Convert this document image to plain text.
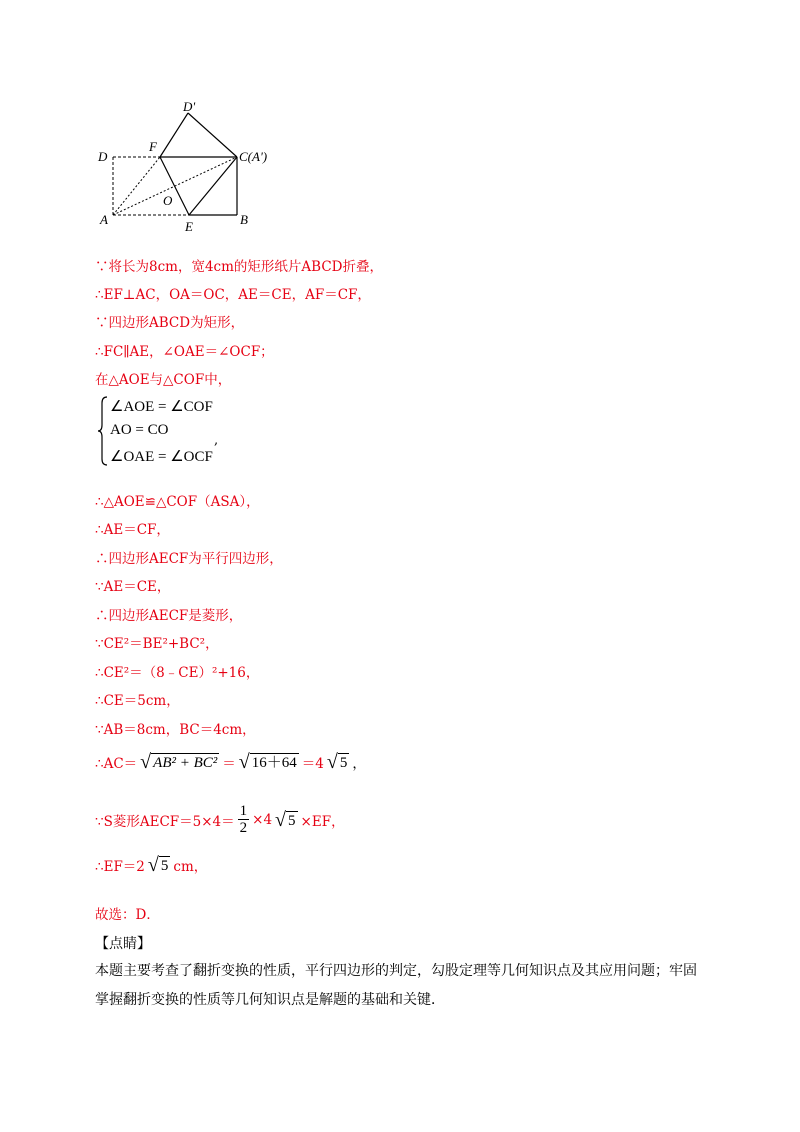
D'
D
F
C(A')
A
O
E	B
∵将长为8cm，宽4cm的矩形纸片ABCD折叠，
∴EF⊥AC，OA＝OC，AE＝CE，AF＝CF，
∵四边形ABCD为矩形，
∴FC∥AE，∠OAE＝∠OCF；
在△AOE与△COF中，
∠AOE = ∠COF
AO = CO
∠OAE = ∠OCF
,
∴△AOE≌△COF（ASA），
∴AE＝CF，
∴四边形AECF为平行四边形，
∵AE＝CE，
∴四边形AECF是菱形，
∵CE²＝BE²+BC²，
∴CE²＝（8﹣CE）²+16，
∴CE＝5cm，
∵AB＝8cm，BC＝4cm，
∴AC＝ √ AB² + BC² ＝ √ 16＋64 ＝4 √ 5 ，
∵S菱形AECF＝5×4＝ $\frac{1}{2} \times 4$ √ 5 ×EF，
∴EF＝2 √ 5 cm，
故选：D．
【点睛】
本题主要考查了翻折变换的性质，平行四边形的判定，勾股定理等几何知识点及其应用问题；牢固
掌握翻折变换的性质等几何知识点是解题的基础和关键．
